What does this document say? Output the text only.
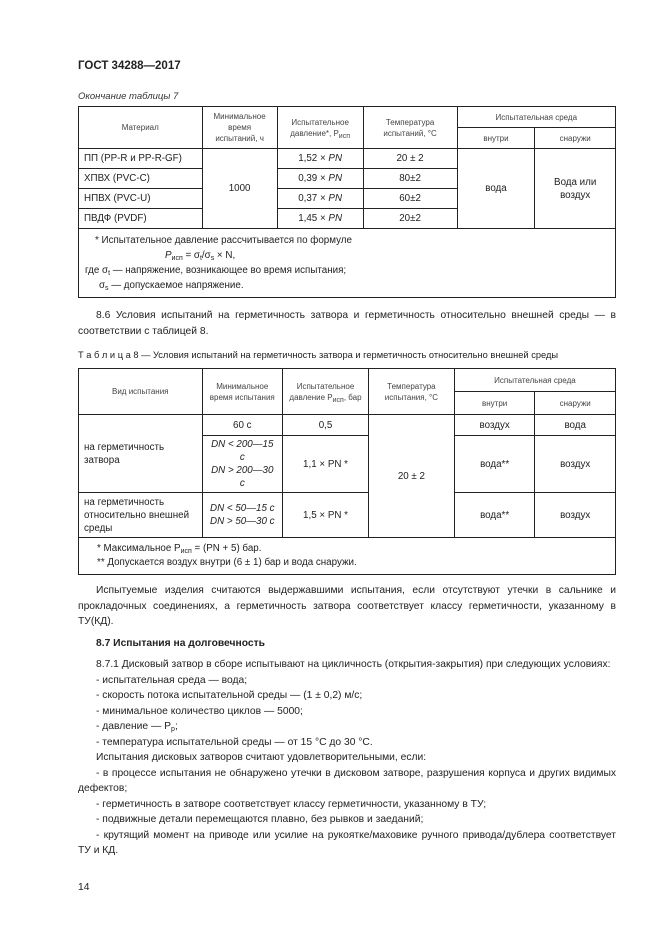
ГОСТ 34288—2017
Окончание таблицы 7
Материал	Минимальное время испытаний, ч	Испытательное давление*, Pисп	Температура испытаний, °С	Испытательная среда	
				внутри	снаружи
ПП (PP-R и PP-R-GF)	1000	1,52 × PN	20 ± 2	вода	Вода или воздух
ХПВХ (PVC-C)		0,39 × PN	80±2		
НПВХ (PVC-U)		0,37 × PN	60±2		
ПВДФ (PVDF)		1,45 × PN	20±2		

* Испытательное давление рассчитывается по формуле
$P_{исп} = \sigma_t/\sigma_s \times N$,
где $\sigma_t$ — напряжение, возникающее во время испытания;
$\sigma_s$ — допускаемое напряжение.					
8.6 Условия испытаний на герметичность затвора и герметичность относительно внешней среды — в соответствии с таблицей 8.
Т а б л и ц а 8 — Условия испытаний на герметичность затвора и герметичность относительно внешней среды
Вид испытания	Минимальное время испытания	Испытательное давление Pисп, бар	Температура испытания, °С	Испытательная среда	
				внутри	снаружи
на герметичность затвора	60 с	0,5	20 ± 2	воздух	вода

	DN < 200—15 с
DN > 200—30 с	1,1 × PN *		вода**	воздух
на герметичность относительно внешней среды	DN < 50—15 с
DN > 50—30 с	1,5 × PN *		вода**	воздух

* Максимальное $P_{исп} = (PN + 5)$ бар.
** Допускается воздух внутри (6 ± 1) бар и вода снаружи.					
Испытуемые изделия считаются выдержавшими испытания, если отсутствуют утечки в сальнике и прокладочных соединениях, а герметичность затвора соответствует классу герметичности, указанному в ТУ(КД).
8.7 Испытания на долговечность
8.7.1 Дисковый затвор в сборе испытывают на цикличность (открытия-закрытия) при следующих условиях:
- испытательная среда — вода;
- скорость потока испытательной среды — (1 ± 0,2) м/с;
- минимальное количество циклов — 5000;
- давление — $P_р$;
- температура испытательной среды — от 15 °С до 30 °С.
Испытания дисковых затворов считают удовлетворительными, если:
- в процессе испытания не обнаружено утечки в дисковом затворе, разрушения корпуса и других видимых дефектов;
- герметичность в затворе соответствует классу герметичности, указанному в ТУ;
- подвижные детали перемещаются плавно, без рывков и заеданий;
- крутящий момент на приводе или усилие на рукоятке/маховике ручного привода/дублера соответствует ТУ и КД.
14
